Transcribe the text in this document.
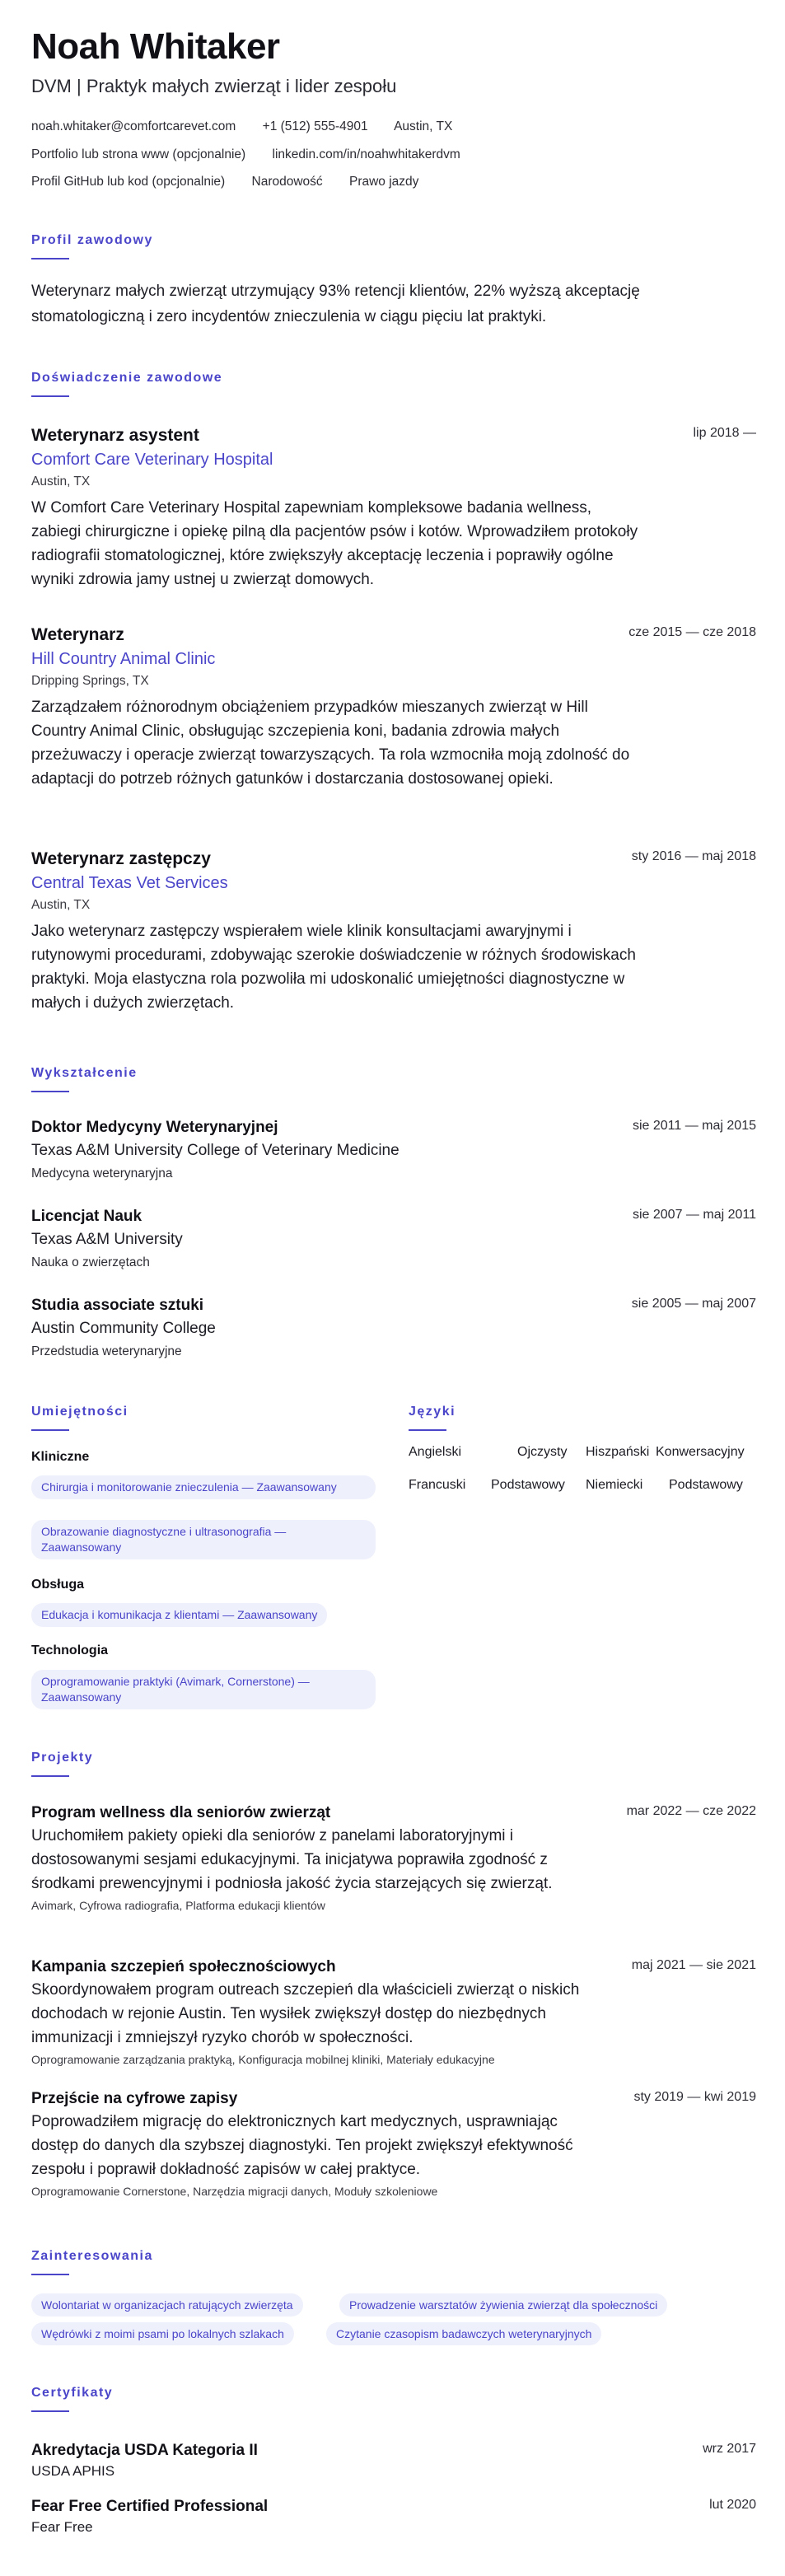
Noah Whitaker
DVM | Praktyk małych zwierząt i lider zespołu
noah.whitaker@comfortcarevet.com +1 (512) 555-4901 Austin, TX
Portfolio lub strona www (opcjonalnie) linkedin.com/in/noahwhitakerdvm
Profil GitHub lub kod (opcjonalnie) Narodowość Prawo jazdy
Profil zawodowy
Weterynarz małych zwierząt utrzymujący 93% retencji klientów, 22% wyższą akceptację stomatologiczną i zero incydentów znieczulenia w ciągu pięciu lat praktyki.
Doświadczenie zawodowe
Weterynarz asystent
Comfort Care Veterinary Hospital
Austin, TX
W Comfort Care Veterinary Hospital zapewniam kompleksowe badania wellness, zabiegi chirurgiczne i opiekę pilną dla pacjentów psów i kotów. Wprowadziłem protokoły radiografii stomatologicznej, które zwiększyły akceptację leczenia i poprawiły ogólne wyniki zdrowia jamy ustnej u zwierząt domowych.
lip 2018 —
Weterynarz
Hill Country Animal Clinic
Dripping Springs, TX
Zarządzałem różnorodnym obciążeniem przypadków mieszanych zwierząt w Hill Country Animal Clinic, obsługując szczepienia koni, badania zdrowia małych przeżuwaczy i operacje zwierząt towarzyszących. Ta rola wzmocniła moją zdolność do adaptacji do potrzeb różnych gatunków i dostarczania dostosowanej opieki.
cze 2015 — cze 2018
Weterynarz zastępczy
Central Texas Vet Services
Austin, TX
Jako weterynarz zastępczy wspierałem wiele klinik konsultacjami awaryjnymi i rutynowymi procedurami, zdobywając szerokie doświadczenie w różnych środowiskach praktyki. Moja elastyczna rola pozwoliła mi udoskonalić umiejętności diagnostyczne w małych i dużych zwierzętach.
sty 2016 — maj 2018
Wykształcenie
Doktor Medycyny Weterynaryjnej
Texas A&M University College of Veterinary Medicine
Medycyna weterynaryjna
sie 2011 — maj 2015
Licencjat Nauk
Texas A&M University
Nauka o zwierzętach
sie 2007 — maj 2011
Studia associate sztuki
Austin Community College
Przedstudia weterynaryjne
sie 2005 — maj 2007
Umiejętności
Kliniczne
Chirurgia i monitorowanie znieczulenia — Zaawansowany
Obrazowanie diagnostyczne i ultrasonografia — Zaawansowany
Obsługa
Edukacja i komunikacja z klientami — Zaawansowany
Technologia
Oprogramowanie praktyki (Avimark, Cornerstone) — Zaawansowany
Języki
Angielski	Ojczysty Hiszpański Konwersacyjny
Francuski Podstawowy Niemiecki Podstawowy
Projekty
Program wellness dla seniorów zwierząt
Uruchomiłem pakiety opieki dla seniorów z panelami laboratoryjnymi i dostosowanymi sesjami edukacyjnymi. Ta inicjatywa poprawiła zgodność z środkami prewencyjnymi i podniosła jakość życia starzejących się zwierząt.
Avimark, Cyfrowa radiografia, Platforma edukacji klientów
mar 2022 — cze 2022
Kampania szczepień społecznościowych
Skoordynowałem program outreach szczepień dla właścicieli zwierząt o niskich dochodach w rejonie Austin. Ten wysiłek zwiększył dostęp do niezbędnych immunizacji i zmniejszył ryzyko chorób w społeczności.
Oprogramowanie zarządzania praktyką, Konfiguracja mobilnej kliniki, Materiały edukacyjne
maj 2021 — sie 2021
Przejście na cyfrowe zapisy
Poprowadziłem migrację do elektronicznych kart medycznych, usprawniając dostęp do danych dla szybszej diagnostyki. Ten projekt zwiększył efektywność zespołu i poprawił dokładność zapisów w całej praktyce.
Oprogramowanie Cornerstone, Narzędzia migracji danych, Moduły szkoleniowe
sty 2019 — kwi 2019
Zainteresowania
Wolontariat w organizacjach ratujących zwierzęta	Prowadzenie warsztatów żywienia zwierząt dla społeczności
Wędrówki z moimi psami po lokalnych szlakach	Czytanie czasopism badawczych weterynaryjnych
Certyfikaty
Akredytacja USDA Kategoria II
USDA APHIS
wrz 2017
Fear Free Certified Professional
Fear Free
lut 2020
